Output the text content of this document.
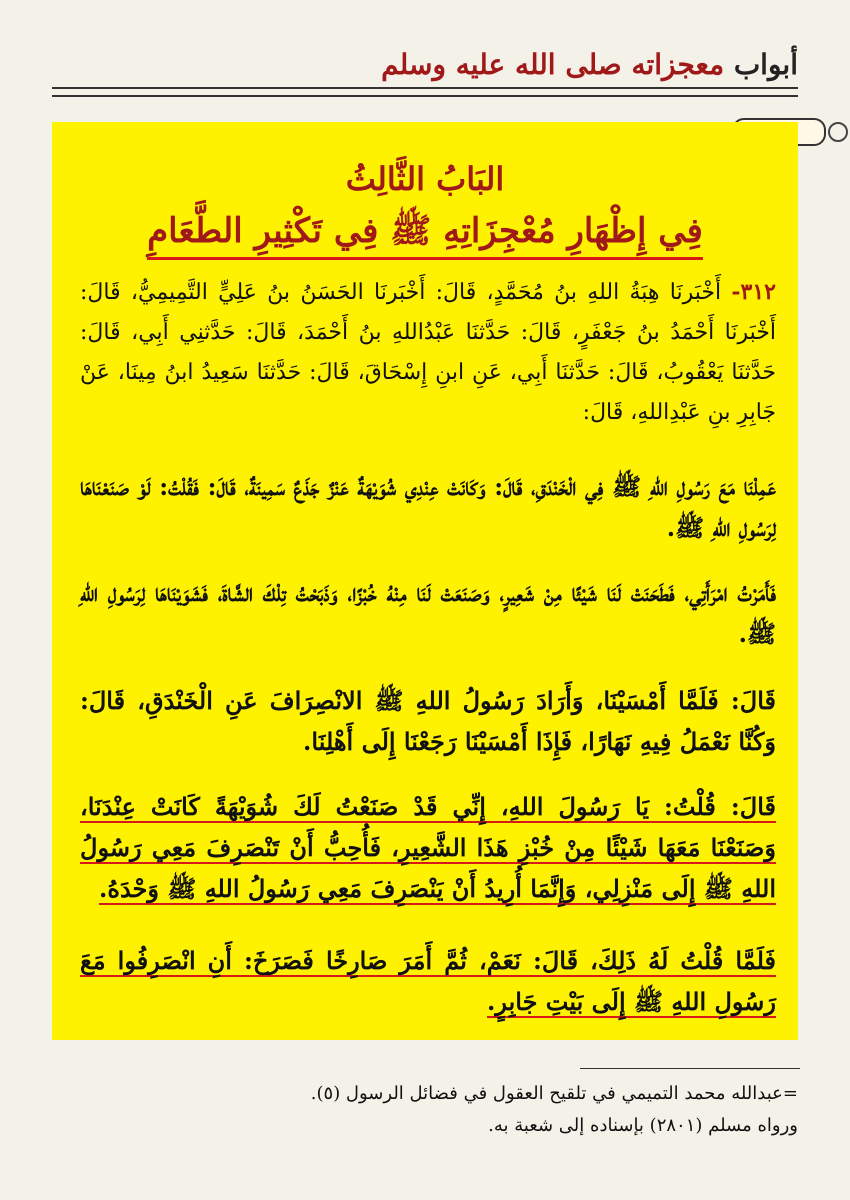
أبواب معجزاته صلى الله عليه وسلم
البَابُ الثَّالِثُ
فِي إِظْهَارِ مُعْجِزَاتِهِ ﷺ فِي تَكْثِيرِ الطَّعَامِ
٣١٢- أَخْبَرنَا هِبَةُ اللهِ بنُ مُحَمَّدٍ، قَالَ: أَخْبَرنَا الحَسَنُ بنُ عَلِيٍّ التَّمِيمِيُّ، قَالَ: أَخْبَرنَا أَحْمَدُ بنُ جَعْفَرٍ، قَالَ: حَدَّثنَا عَبْدُاللهِ بنُ أَحْمَدَ، قَالَ: حَدَّثنِي أَبِي، قَالَ: حَدَّثنَا يَعْقُوبُ، قَالَ: حَدَّثنَا أَبِي، عَنِ ابنِ إِسْحَاقَ، قَالَ: حَدَّثنَا سَعِيدُ ابنُ مِينَا، عَنْ جَابِرِ بنِ عَبْدِاللهِ، قَالَ:
عَمِلْنَا مَعَ رَسُولِ اللهِ ﷺ فِي الْخَنْدَقِ، قَالَ: وَكَانَتْ عِنْدِي شُوَيْهَةٌ عَنْزٌ جَذَعٌ سَمِينَةٌ، قَالَ: فَقُلْتُ: لَوْ صَنَعْنَاهَا لِرَسُولِ اللهِ ﷺ.
فَأَمَرْتُ امْرَأَتِي، فَطَحَنَتْ لَنَا شَيْئًا مِنْ شَعِيرٍ، وَصَنَعَتْ لَنَا مِنْهُ خُبْزًا، وَذَبَحْتُ تِلْكَ الشَّاةَ، فَشَوَيْنَاهَا لِرَسُولِ اللهِ ﷺ.
قَالَ: فَلَمَّا أَمْسَيْنَا، وَأَرَادَ رَسُولُ اللهِ ﷺ الانْصِرَافَ عَنِ الْخَنْدَقِ، قَالَ: وَكُنَّا نَعْمَلُ فِيهِ نَهَارًا، فَإِذَا أَمْسَيْنَا رَجَعْنَا إِلَى أَهْلِنَا.
قَالَ: قُلْتُ: يَا رَسُولَ اللهِ، إِنِّي قَدْ صَنَعْتُ لَكَ شُوَيْهَةً كَانَتْ عِنْدَنَا، وَصَنَعْنَا مَعَهَا شَيْئًا مِنْ خُبْزِ هَذَا الشَّعِيرِ، فَأُحِبُّ أَنْ تَنْصَرِفَ مَعِي رَسُولُ اللهِ ﷺ إِلَى مَنْزِلِي، وَإِنَّمَا أُرِيدُ أَنْ يَنْصَرِفَ مَعِي رَسُولُ اللهِ ﷺ وَحْدَهُ.
فَلَمَّا قُلْتُ لَهُ ذَلِكَ، قَالَ: نَعَمْ، ثُمَّ أَمَرَ صَارِخًا فَصَرَخَ: أَنِ انْصَرِفُوا مَعَ رَسُولِ اللهِ ﷺ إِلَى بَيْتِ جَابِرٍ.
=عبدالله محمد التميمي في تلقيح العقول في فضائل الرسول (٥).
ورواه مسلم (٢٨٠١) بإسناده إلى شعبة به.
